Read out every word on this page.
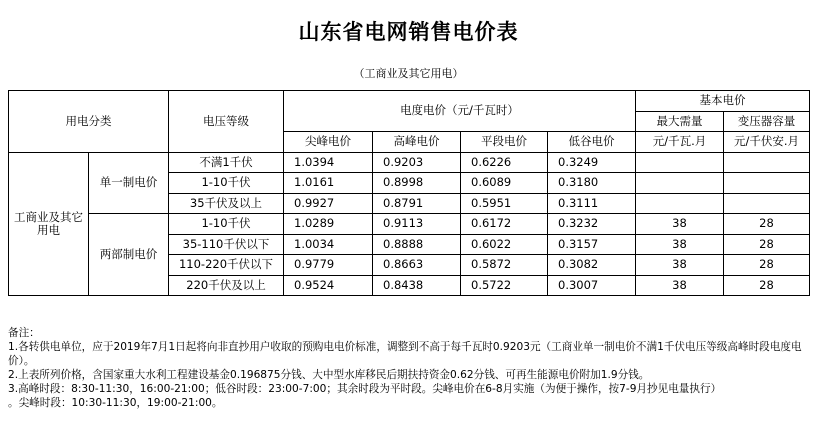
山东省电网销售电价表
（工商业及其它用电）
用电分类		电压等级	电度电价（元/千瓦时）				基本电价	
							最大需量	变压器容量
			尖峰电价	高峰电价	平段电价	低谷电价	元/千瓦.月	元/千伏安.月
工商业及其它用电	单一制电价	不满1千伏	1.0394	0.9203	0.6226	0.3249		
		1-10千伏	1.0161	0.8998	0.6089	0.3180		
		35千伏及以上	0.9927	0.8791	0.5951	0.3111		
	两部制电价	1-10千伏	1.0289	0.9113	0.6172	0.3232	38	28
		35-110千伏以下	1.0034	0.8888	0.6022	0.3157	38	28
		110-220千伏以下	0.9779	0.8663	0.5872	0.3082	38	28
		220千伏及以上	0.9524	0.8438	0.5722	0.3007	38	28
备注：
1.各转供电单位，应于2019年7月1日起将向非直抄用户收取的预购电电价标准，调整到不高于每千瓦时0.9203元（工商业单一制电价不满1千伏电压等级高峰时段电度电价）。
2.上表所列价格，含国家重大水利工程建设基金0.196875分钱、大中型水库移民后期扶持资金0.62分钱、可再生能源电价附加1.9分钱。
3.高峰时段：8:30-11:30，16:00-21:00；低谷时段：23:00-7:00；其余时段为平时段。尖峰电价在6-8月实施（为便于操作，按7-9月抄见电量执行）
。尖峰时段：10:30-11:30，19:00-21:00。
